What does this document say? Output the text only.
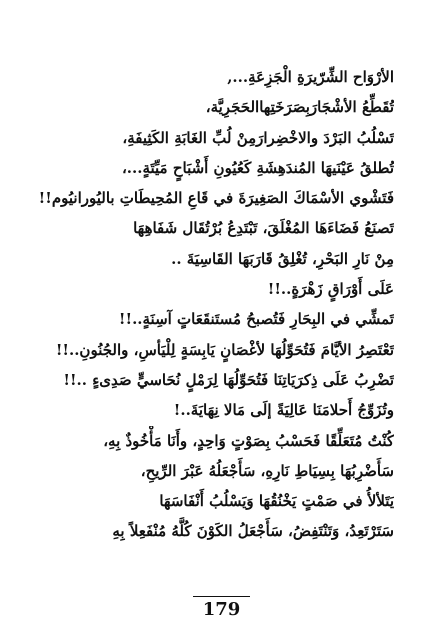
الأرْوَاح الشِّرّيرَةِ الْجَزِعَةِ...,
تُقَطِّعُ الأشْجَارَبِصَرَخَتِهاالحَجَرِيَّة،
تَسْلُبُ البَرْدَ والاخْضِرارَمِنْ لُبِّ الغَابَةِ الكَثِيفَةِ،
تُطلقُ عَيْنَيهَا المُندَهِشَةِ كَعُيُونِ أَشْبَاحٍ مَيِّتَةٍ...،
فَتَشْوي الأسْمَاكَ الصَغِيرَةَ في قَاعِ المُحِيطَاتِ باليُورانيُوم!!
تَصنَعُ فَضَاءَهَا المُغْلَقَ، تَبْتَدِعُ بُرْتُقَال شَفَاهِهَا
مِنْ نَارِ البَحْرِ، تُغْلِقُ قَارَبَهَا القَاسِيَةَ ..
عَلَى أَوْرَاقٍ زَهْرَةٍ..!!
تَمشِّي في البِحَارِ فَتُصبحُ مُستَنقَعَاتٍ آسِنَةٍ..!!
تَعْتَصِرُ الأيَّامَ فَتُحَوِّلُهَا لأغْصَانٍ يَابِسَةٍ لِلْيَأسِ، والجُنُونِ..!!
تَضْرِبُ عَلَى ذِكرَيَاتِنَا فَتُحَوِّلُهَا لِرَمْلٍ نُحَاسيٍّ صَدِىءٍ ..!!
وتُزَوِّجُ أَحلامَنَا عَالِيَةً إلَى مَالا نِهَايَةَ..!
كُنْتُ مُتَعَلِّقًا فَحَسْبُ بِصَوْتٍ وَاحِدٍ، وأَنَا مَأْخُوذٌ بِهِ،
سَأَضْرِبُهَا بِسِيَاطِ نَارِهِ، سَأَجْعَلُهُ عَبْرَ الرِّيحِ،
يَتَلألأُ في صَمْتٍ يَخْنُقُهَا وَيَسْلُبُ أَنْفَاسَهَا
سَتَرْتَعِدُ، وَتَنْتَفِضُ، سَأَجْعَلُ الكَوْنَ كُلَّهُ مُنْفَعِلاً بِهِ
179
